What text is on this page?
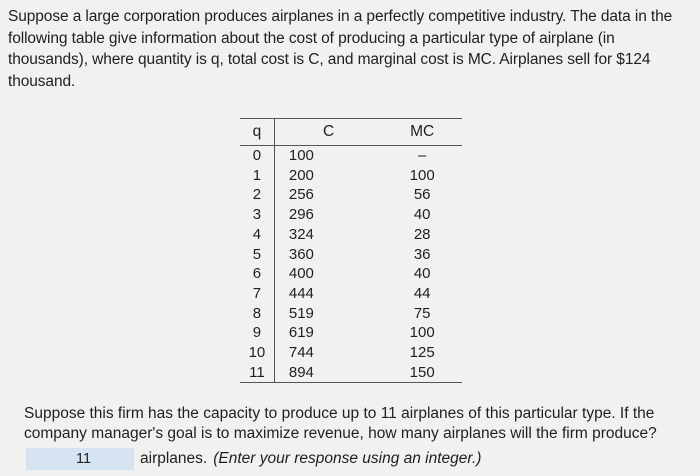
Suppose a large corporation produces airplanes in a perfectly competitive industry. The data in the following table give information about the cost of producing a particular type of airplane (in thousands), where quantity is q, total cost is C, and marginal cost is MC. Airplanes sell for $124 thousand.

q	C	MC
0	100	–
1	200	100
2	256	56
3	296	40
4	324	28
5	360	36
6	400	40
7	444	44
8	519	75
9	619	100
10	744	125
11	894	150

Suppose this firm has the capacity to produce up to 11 airplanes of this particular type. If the company manager's goal is to maximize revenue, how many airplanes will the firm produce?

11
airplanes. (Enter your response using an integer.)
